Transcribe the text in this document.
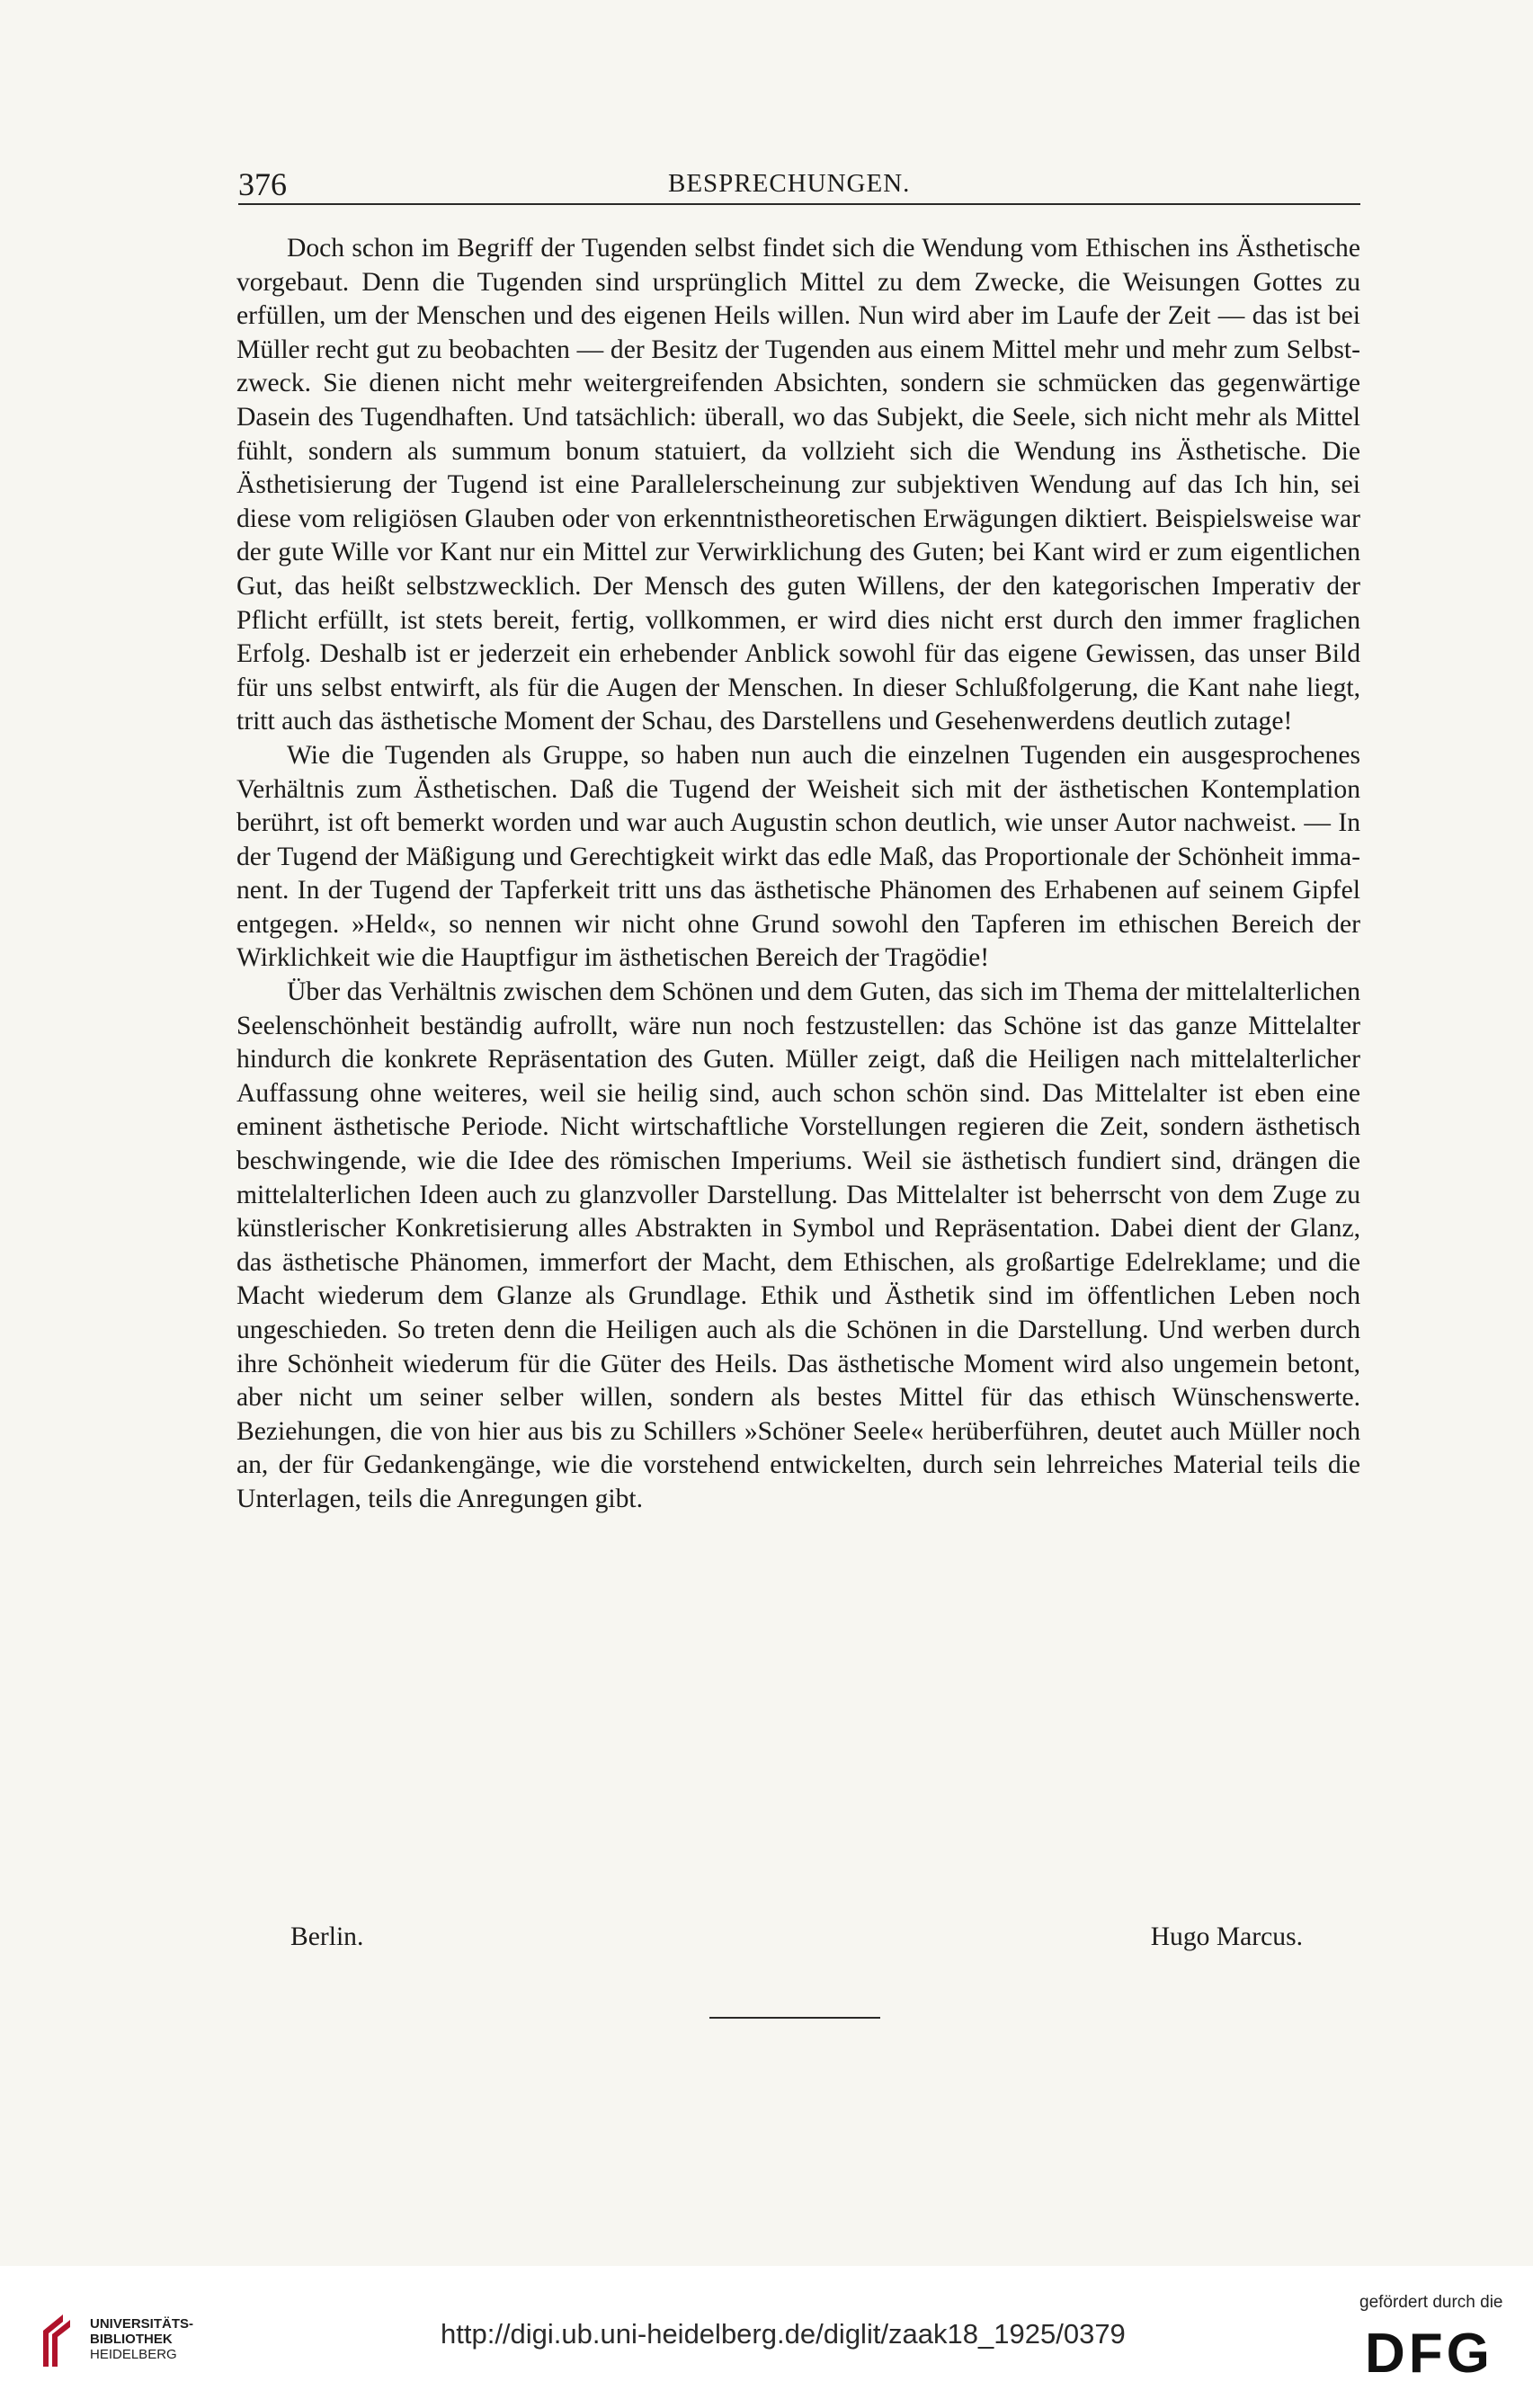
376	BESPRECHUNGEN.

Doch schon im Begriff der Tugenden selbst findet sich die Wendung vom Ethischen ins Ästhetische vorgebaut. Denn die Tugenden sind ursprünglich Mittel zu dem Zwecke, die Weisungen Gottes zu erfüllen, um der Menschen und des eigenen Heils willen. Nun wird aber im Laufe der Zeit — das ist bei Müller recht gut zu beobachten — der Besitz der Tugenden aus einem Mittel mehr und mehr zum Selbstzweck. Sie dienen nicht mehr weitergreifenden Absichten, sondern sie schmücken das gegenwärtige Dasein des Tugendhaften. Und tatsächlich: überall, wo das Subjekt, die Seele, sich nicht mehr als Mittel fühlt, sondern als summum bonum statuiert, da vollzieht sich die Wendung ins Ästhetische. Die Ästhetisierung der Tugend ist eine Parallelerscheinung zur subjektiven Wendung auf das Ich hin, sei diese vom religiösen Glauben oder von erkenntnistheoretischen Erwägungen diktiert. Beispielsweise war der gute Wille vor Kant nur ein Mittel zur Verwirklichung des Guten; bei Kant wird er zum eigentlichen Gut, das heißt selbstzwecklich. Der Mensch des guten Willens, der den kategorischen Imperativ der Pflicht erfüllt, ist stets bereit, fertig, vollkommen, er wird dies nicht erst durch den immer fraglichen Erfolg. Deshalb ist er jederzeit ein erhebender Anblick sowohl für das eigene Gewissen, das unser Bild für uns selbst entwirft, als für die Augen der Menschen. In dieser Schlußfolgerung, die Kant nahe liegt, tritt auch das ästhetische Moment der Schau, des Darstellens und Gesehenwerdens deutlich zutage!

Wie die Tugenden als Gruppe, so haben nun auch die einzelnen Tugenden ein ausgesprochenes Verhältnis zum Ästhetischen. Daß die Tugend der Weisheit sich mit der ästhetischen Kontemplation berührt, ist oft bemerkt worden und war auch Augustin schon deutlich, wie unser Autor nachweist. — In der Tugend der Mäßigung und Gerechtigkeit wirkt das edle Maß, das Proportionale der Schönheit immanent. In der Tugend der Tapferkeit tritt uns das ästhetische Phänomen des Erhabenen auf seinem Gipfel entgegen. »Held«, so nennen wir nicht ohne Grund sowohl den Tapferen im ethischen Bereich der Wirklichkeit wie die Hauptfigur im ästhetischen Bereich der Tragödie!

Über das Verhältnis zwischen dem Schönen und dem Guten, das sich im Thema der mittelalterlichen Seelenschönheit beständig aufrollt, wäre nun noch festzustellen: das Schöne ist das ganze Mittelalter hindurch die konkrete Repräsentation des Guten. Müller zeigt, daß die Heiligen nach mittelalterlicher Auffassung ohne weiteres, weil sie heilig sind, auch schon schön sind. Das Mittelalter ist eben eine eminent ästhetische Periode. Nicht wirtschaftliche Vorstellungen regieren die Zeit, sondern ästhetisch beschwingende, wie die Idee des römischen Imperiums. Weil sie ästhetisch fundiert sind, drängen die mittelalterlichen Ideen auch zu glanzvoller Darstellung. Das Mittelalter ist beherrscht von dem Zuge zu künstlerischer Konkretisierung alles Abstrakten in Symbol und Repräsentation. Dabei dient der Glanz, das ästhetische Phänomen, immerfort der Macht, dem Ethischen, als großartige Edelreklame; und die Macht wiederum dem Glanze als Grundlage. Ethik und Ästhetik sind im öffentlichen Leben noch ungeschieden. So treten denn die Heiligen auch als die Schönen in die Darstellung. Und werben durch ihre Schönheit wiederum für die Güter des Heils. Das ästhetische Moment wird also ungemein betont, aber nicht um seiner selber willen, sondern als bestes Mittel für das ethisch Wünschenswerte. Beziehungen, die von hier aus bis zu Schillers »Schöner Seele« herüberführen, deutet auch Müller noch an, der für Gedankengänge, wie die vorstehend entwickelten, durch sein lehrreiches Material teils die Unterlagen, teils die Anregungen gibt.

Berlin.	Hugo Marcus.
UNIVERSITÄTS-
BIBLIOTHEK
HEIDELBERG
http://digi.ub.uni-heidelberg.de/diglit/zaak18_1925/0379
gefördert durch die
DFG
